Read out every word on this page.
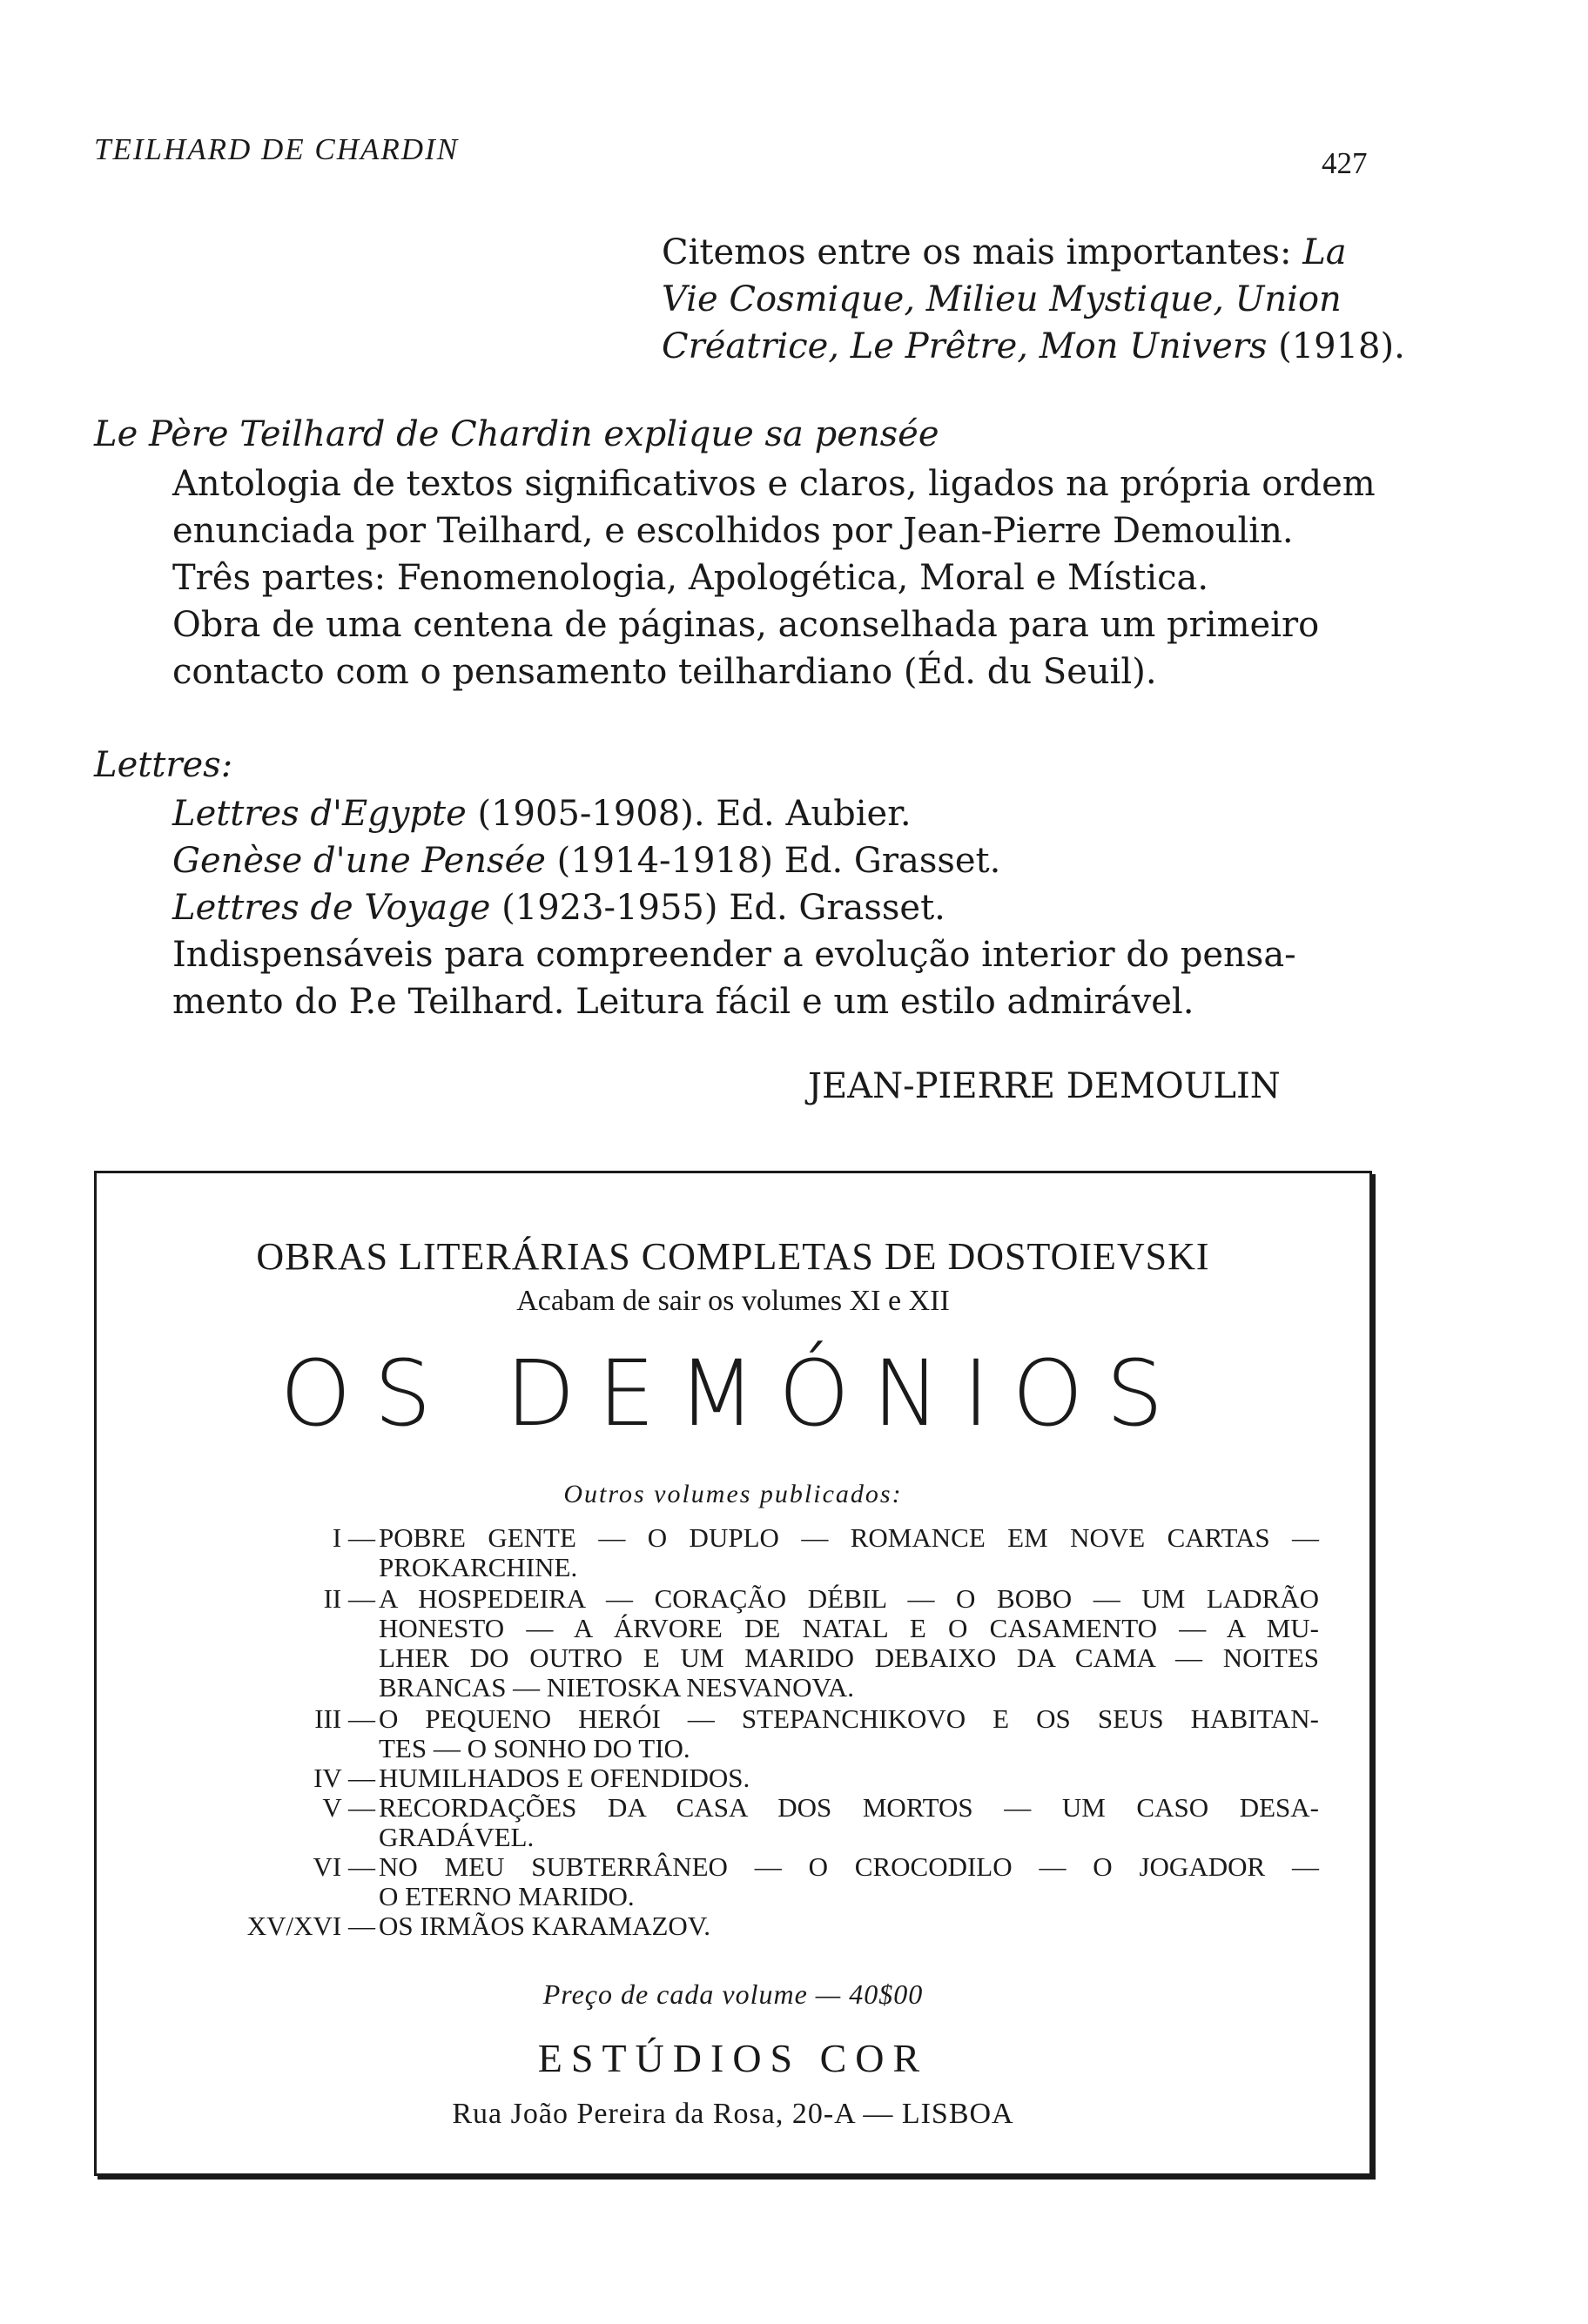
TEILHARD DE CHARDIN	427
Citemos entre os mais importantes: La
Vie Cosmique, Milieu Mystique, Union
Créatrice, Le Prêtre, Mon Univers (1918).
Le Père Teilhard de Chardin explique sa pensée
Antologia de textos significativos e claros, ligados na própria ordem
enunciada por Teilhard, e escolhidos por Jean-Pierre Demoulin.
Três partes: Fenomenologia, Apologética, Moral e Mística.
Obra de uma centena de páginas, aconselhada para um primeiro
contacto com o pensamento teilhardiano (Éd. du Seuil).
Lettres:
Lettres d'Egypte (1905-1908). Ed. Aubier.
Genèse d'une Pensée (1914-1918) Ed. Grasset.
Lettres de Voyage (1923-1955) Ed. Grasset.
Indispensáveis para compreender a evolução interior do pensa-
mento do P.e Teilhard. Leitura fácil e um estilo admirável.
JEAN-PIERRE DEMOULIN
OBRAS LITERÁRIAS COMPLETAS DE DOSTOIEVSKI
Acabam de sair os volumes XI e XII
OS DEMÓNIOS
Outros volumes publicados:
I — POBRE GENTE — O DUPLO — ROMANCE EM NOVE CARTAS —
PROKARCHINE.
II — A HOSPEDEIRA — CORAÇÃO DÉBIL — O BOBO — UM LADRÃO
HONESTO — A ÁRVORE DE NATAL E O CASAMENTO — A MU-
LHER DO OUTRO E UM MARIDO DEBAIXO DA CAMA — NOITES
BRANCAS — NIETOSKA NESVANOVA.
III — O PEQUENO HERÓI — STEPANCHIKOVO E OS SEUS HABITAN-
TES — O SONHO DO TIO.
IV — HUMILHADOS E OFENDIDOS.
V — RECORDAÇÕES DA CASA DOS MORTOS — UM CASO DESA-
GRADÁVEL.
VI — NO MEU SUBTERRÂNEO — O CROCODILO — O JOGADOR —
O ETERNO MARIDO.
XV/XVI — OS IRMÃOS KARAMAZOV.
Preço de cada volume — 40$00
ESTÚDIOS COR
Rua João Pereira da Rosa, 20-A — LISBOA
